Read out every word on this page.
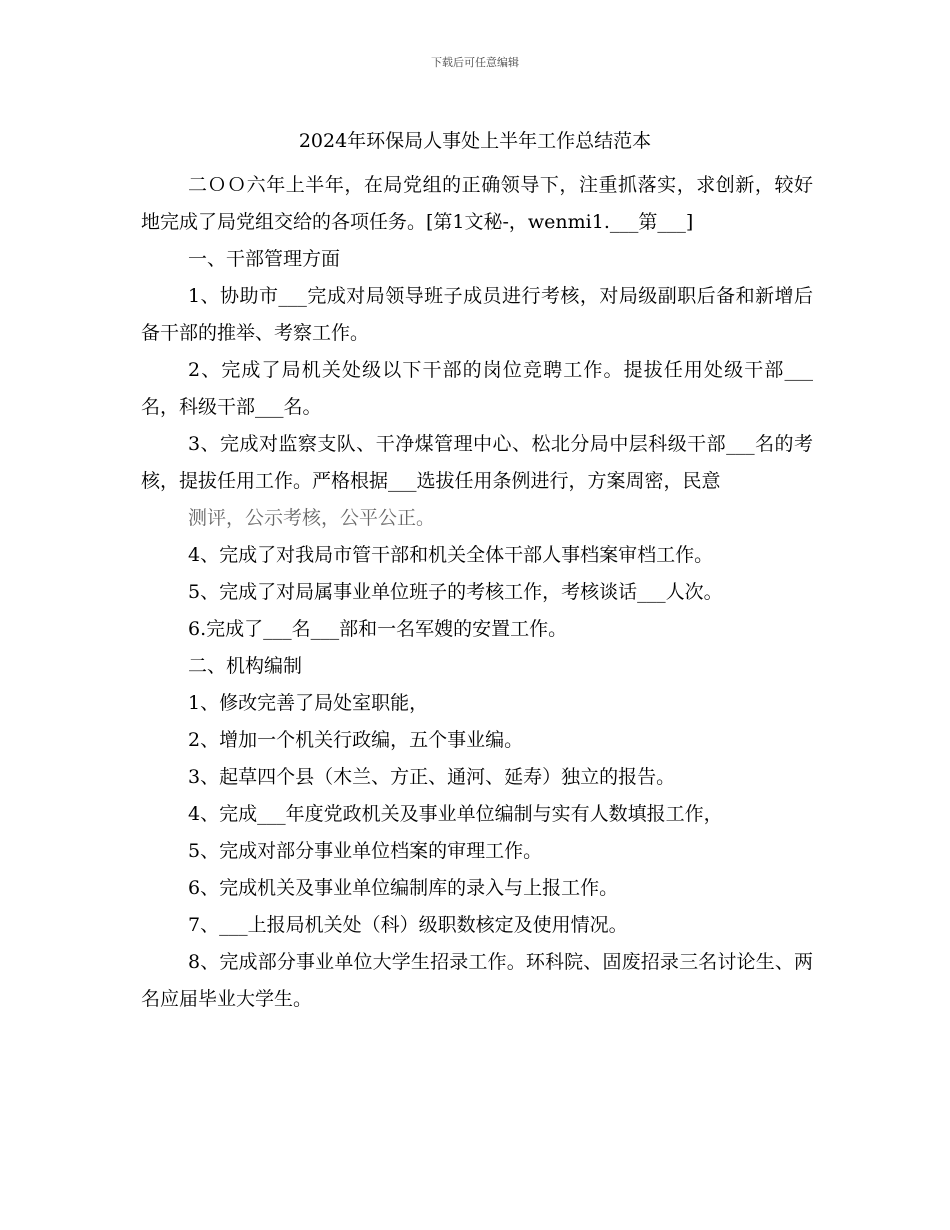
下载后可任意编辑
2024年环保局人事处上半年工作总结范本

二ＯＯ六年上半年，在局党组的正确领导下，注重抓落实，求创新，较好地完成了局党组交给的各项任务。[第1文秘-，wenmi1.___第___]

一、干部管理方面

1、协助市___完成对局领导班子成员进行考核，对局级副职后备和新增后备干部的推举、考察工作。

2、完成了局机关处级以下干部的岗位竞聘工作。提拔任用处级干部___名，科级干部___名。

3、完成对监察支队、干净煤管理中心、松北分局中层科级干部___名的考核，提拔任用工作。严格根据___选拔任用条例进行，方案周密，民意

测评，公示考核，公平公正。

4、完成了对我局市管干部和机关全体干部人事档案审档工作。

5、完成了对局属事业单位班子的考核工作，考核谈话___人次。

6.完成了___名___部和一名军嫂的安置工作。

二、机构编制

1、修改完善了局处室职能，

2、增加一个机关行政编，五个事业编。

3、起草四个县（木兰、方正、通河、延寿）独立的报告。

4、完成___年度党政机关及事业单位编制与实有人数填报工作，

5、完成对部分事业单位档案的审理工作。

6、完成机关及事业单位编制库的录入与上报工作。

7、___上报局机关处（科）级职数核定及使用情况。

8、完成部分事业单位大学生招录工作。环科院、固废招录三名讨论生、两名应届毕业大学生。
